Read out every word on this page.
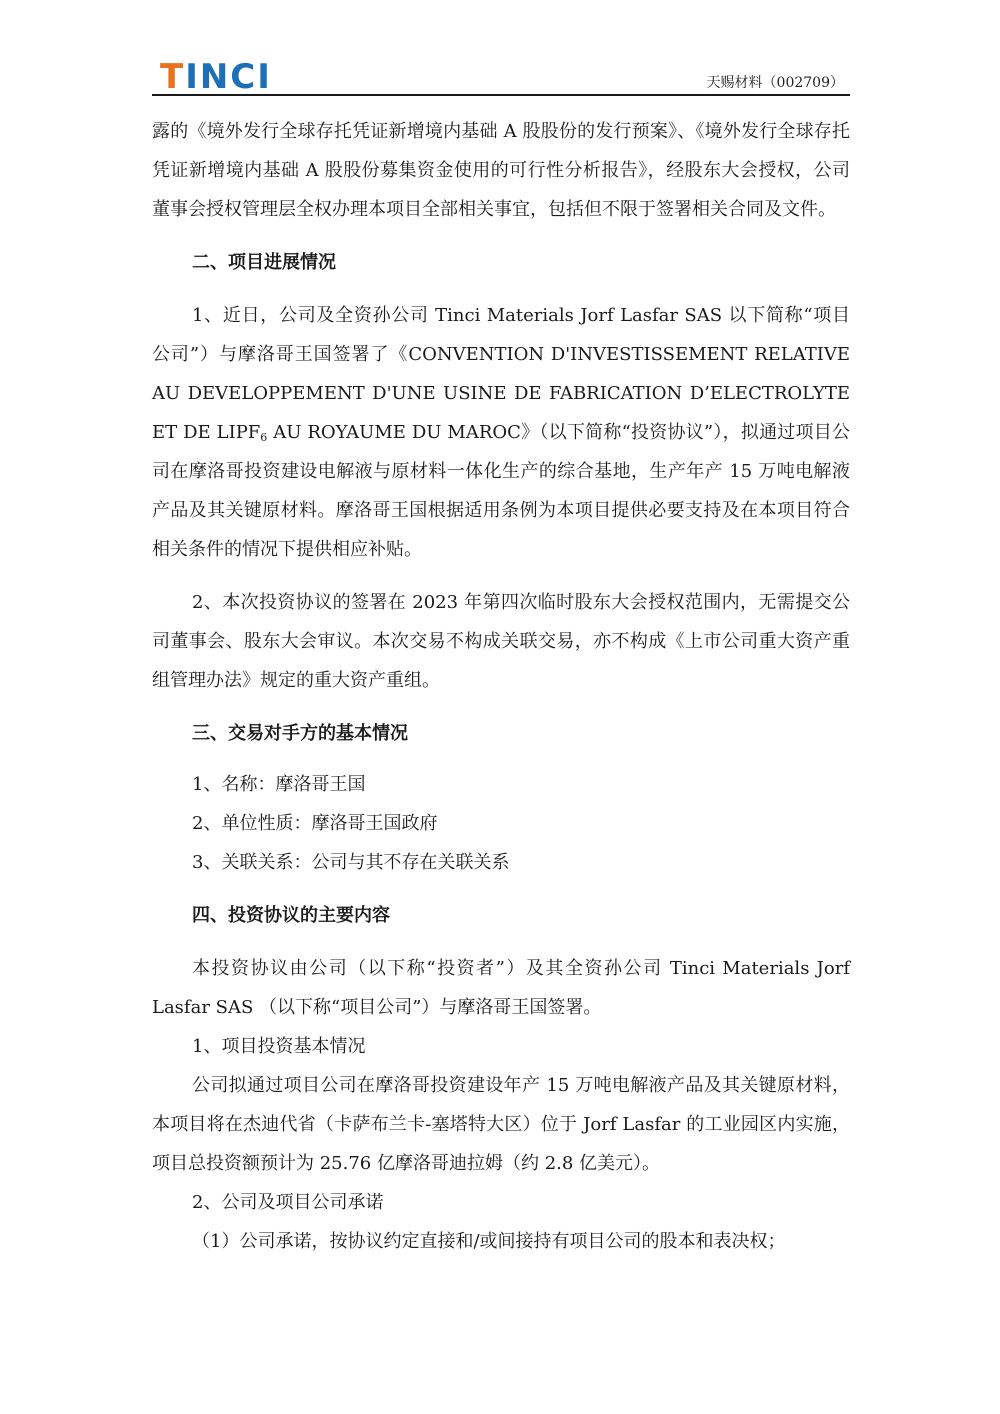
TINCI	天赐材料（002709）

露的《境外发行全球存托凭证新增境内基础 A 股股份的发行预案》、《境外发行全球存托凭证新增境内基础 A 股股份募集资金使用的可行性分析报告》，经股东大会授权，公司董事会授权管理层全权办理本项目全部相关事宜，包括但不限于签署相关合同及文件。

二、项目进展情况

1、近日，公司及全资孙公司 Tinci Materials Jorf Lasfar SAS 以下简称“项目公司”）与摩洛哥王国签署了《CONVENTION D'INVESTISSEMENT RELATIVE AU DEVELOPPEMENT D'UNE USINE DE FABRICATION D’ELECTROLYTE ET DE $LIPF_6$ AU ROYAUME DU MAROC》（以下简称“投资协议”），拟通过项目公司在摩洛哥投资建设电解液与原材料一体化生产的综合基地，生产年产 15 万吨电解液产品及其关键原材料。摩洛哥王国根据适用条例为本项目提供必要支持及在本项目符合相关条件的情况下提供相应补贴。

2、本次投资协议的签署在 2023 年第四次临时股东大会授权范围内，无需提交公司董事会、股东大会审议。本次交易不构成关联交易，亦不构成《上市公司重大资产重组管理办法》规定的重大资产重组。

三、交易对手方的基本情况

1、名称：摩洛哥王国

2、单位性质：摩洛哥王国政府

3、关联关系：公司与其不存在关联关系

四、投资协议的主要内容

本投资协议由公司（以下称“投资者”）及其全资孙公司 Tinci Materials Jorf Lasfar SAS （以下称“项目公司”）与摩洛哥王国签署。

1、项目投资基本情况

公司拟通过项目公司在摩洛哥投资建设年产 15 万吨电解液产品及其关键原材料，本项目将在杰迪代省（卡萨布兰卡-塞塔特大区）位于 Jorf Lasfar 的工业园区内实施，项目总投资额预计为 25.76 亿摩洛哥迪拉姆（约 2.8 亿美元）。

2、公司及项目公司承诺

（1）公司承诺，按协议约定直接和/或间接持有项目公司的股本和表决权；
